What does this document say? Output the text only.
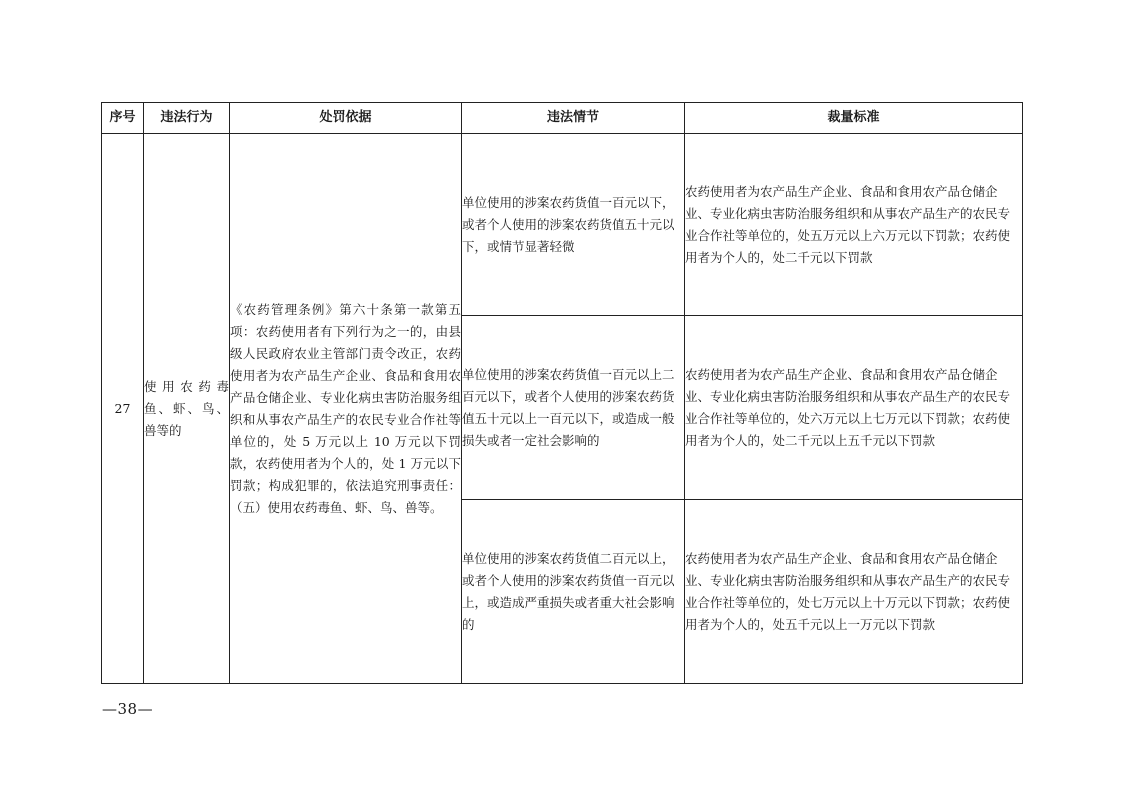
序号	违法行为	处罚依据	违法情节	裁量标准
27	使用农药毒鱼、虾、鸟、兽等的	《农药管理条例》第六十条第一款第五项：农药使用者有下列行为之一的，由县级人民政府农业主管部门责令改正，农药使用者为农产品生产企业、食品和食用农产品仓储企业、专业化病虫害防治服务组织和从事农产品生产的农民专业合作社等单位的，处 5 万元以上 10 万元以下罚款，农药使用者为个人的，处 1 万元以下罚款；构成犯罪的，依法追究刑事责任：（五）使用农药毒鱼、虾、鸟、兽等。	单位使用的涉案农药货值一百元以下，或者个人使用的涉案农药货值五十元以下，或情节显著轻微	农药使用者为农产品生产企业、食品和食用农产品仓储企业、专业化病虫害防治服务组织和从事农产品生产的农民专业合作社等单位的，处五万元以上六万元以下罚款；农药使用者为个人的，处二千元以下罚款
			单位使用的涉案农药货值一百元以上二百元以下，或者个人使用的涉案农药货值五十元以上一百元以下，或造成一般损失或者一定社会影响的	农药使用者为农产品生产企业、食品和食用农产品仓储企业、专业化病虫害防治服务组织和从事农产品生产的农民专业合作社等单位的，处六万元以上七万元以下罚款；农药使用者为个人的，处二千元以上五千元以下罚款
			单位使用的涉案农药货值二百元以上，或者个人使用的涉案农药货值一百元以上，或造成严重损失或者重大社会影响的	农药使用者为农产品生产企业、食品和食用农产品仓储企业、专业化病虫害防治服务组织和从事农产品生产的农民专业合作社等单位的，处七万元以上十万元以下罚款；农药使用者为个人的，处五千元以上一万元以下罚款
—38—
